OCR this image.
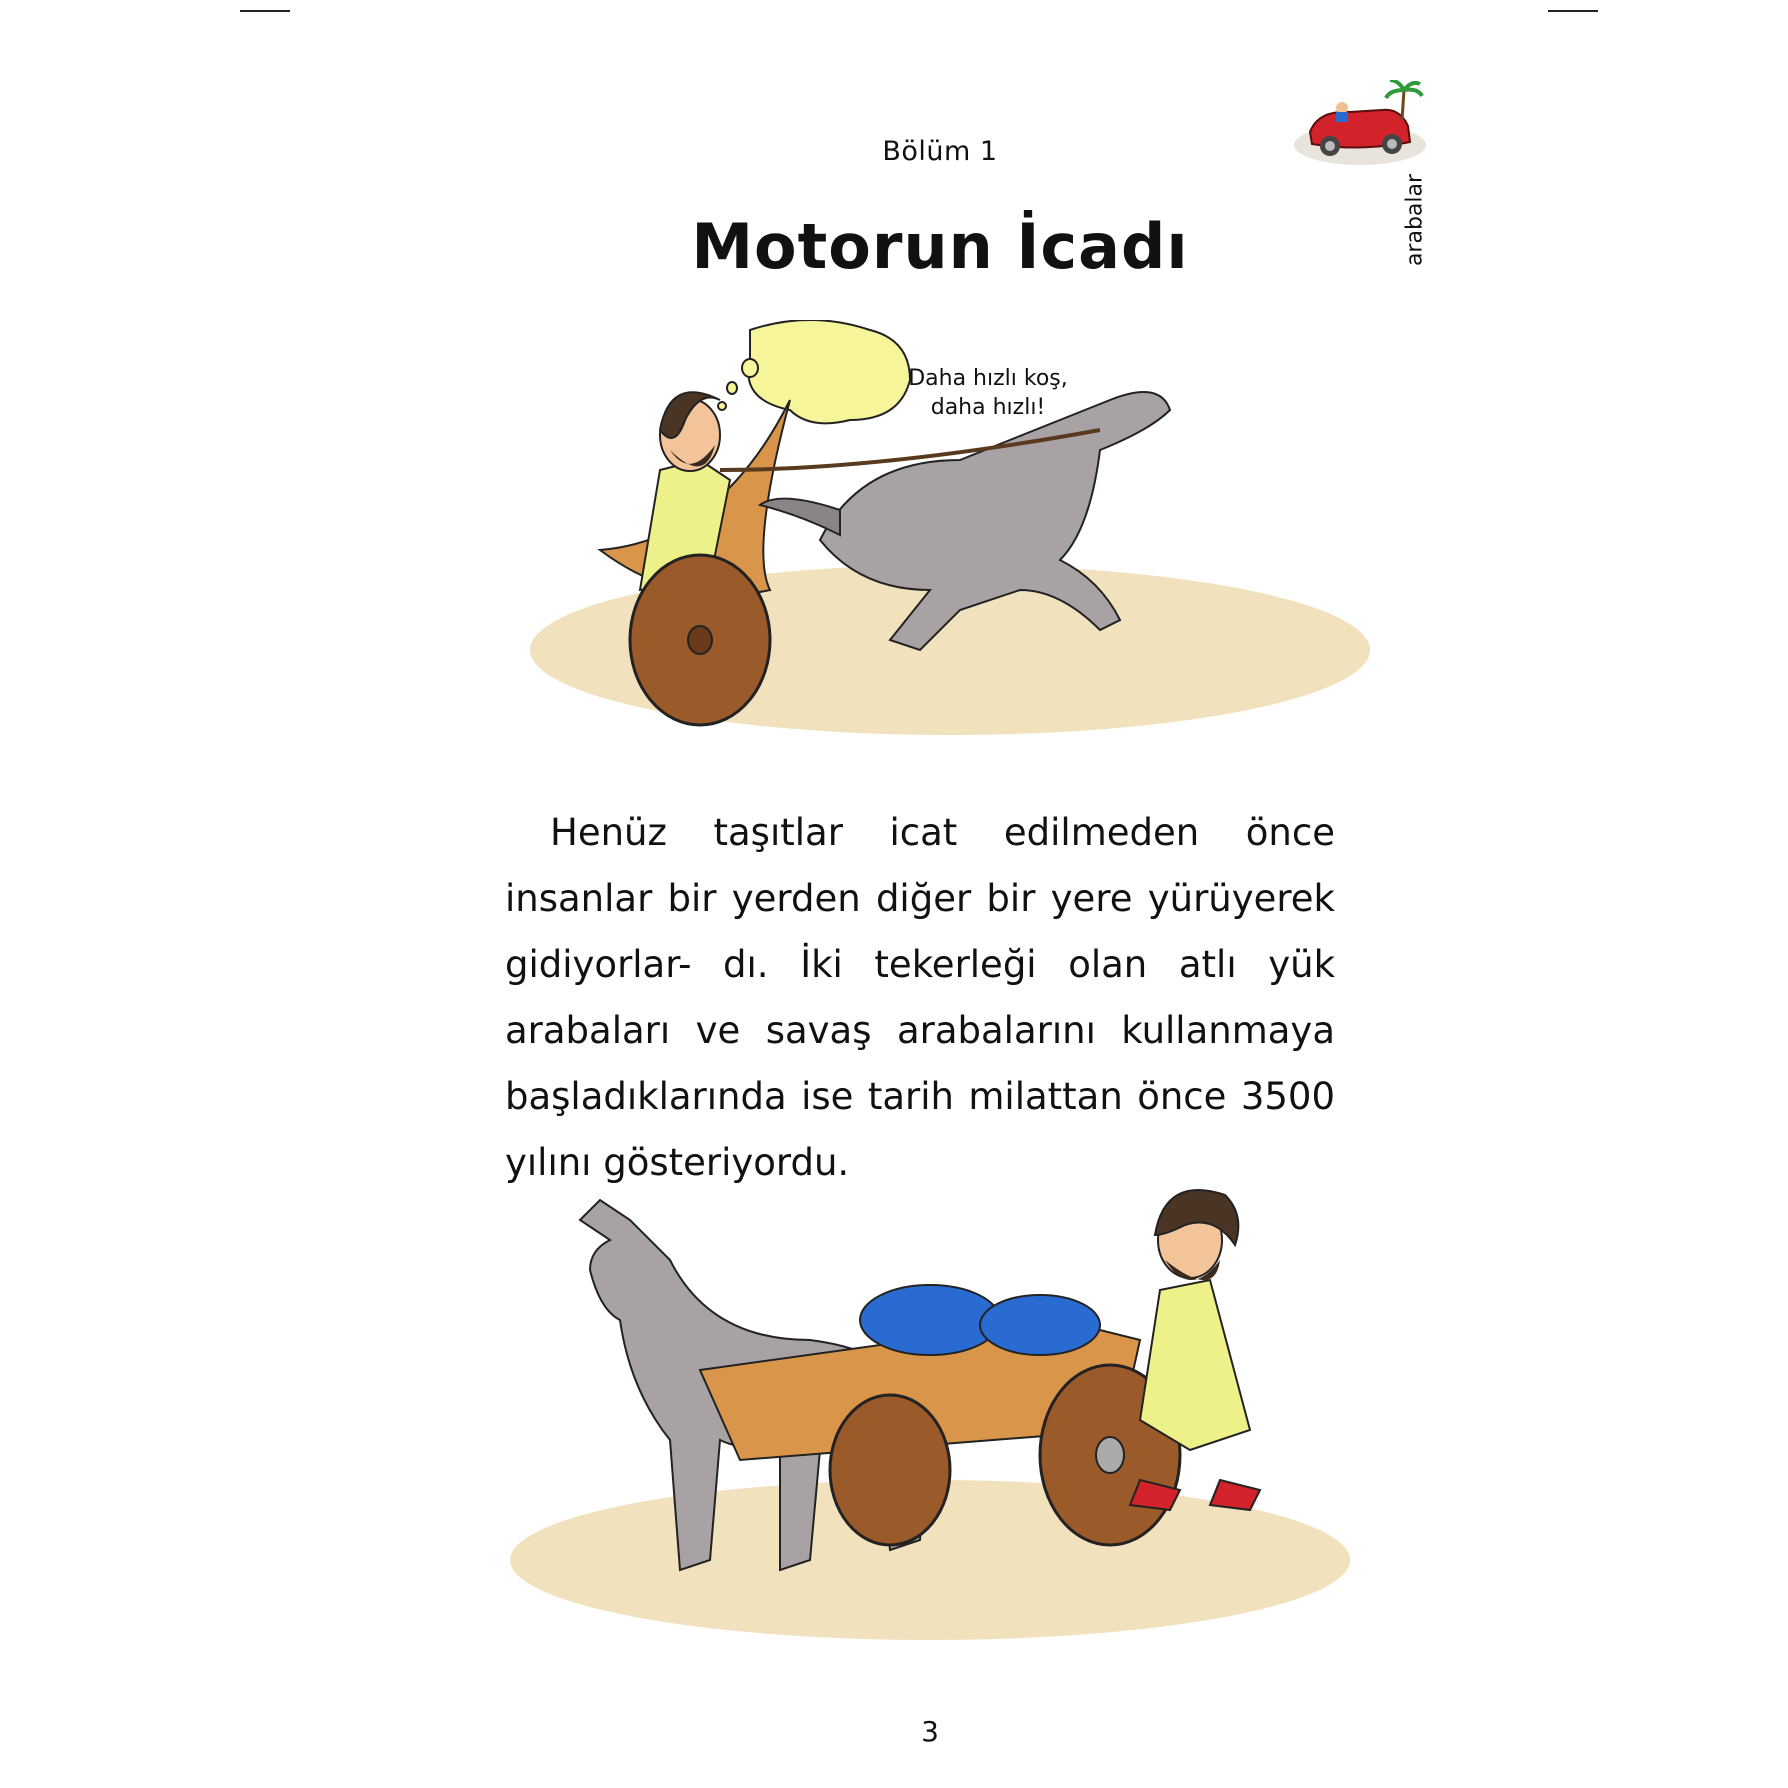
Bölüm 1
Motorun İcadı	arabalar
Daha hızlı koş,
daha hızlı!
Henüz taşıtlar icat edilmeden önce insanlar bir yerden diğer bir yere yürüyerek gidiyorlar- dı. İki tekerleği olan atlı yük arabaları ve savaş arabalarını kullanmaya başladıklarında ise tarih milattan önce 3500 yılını gösteriyordu.
3
